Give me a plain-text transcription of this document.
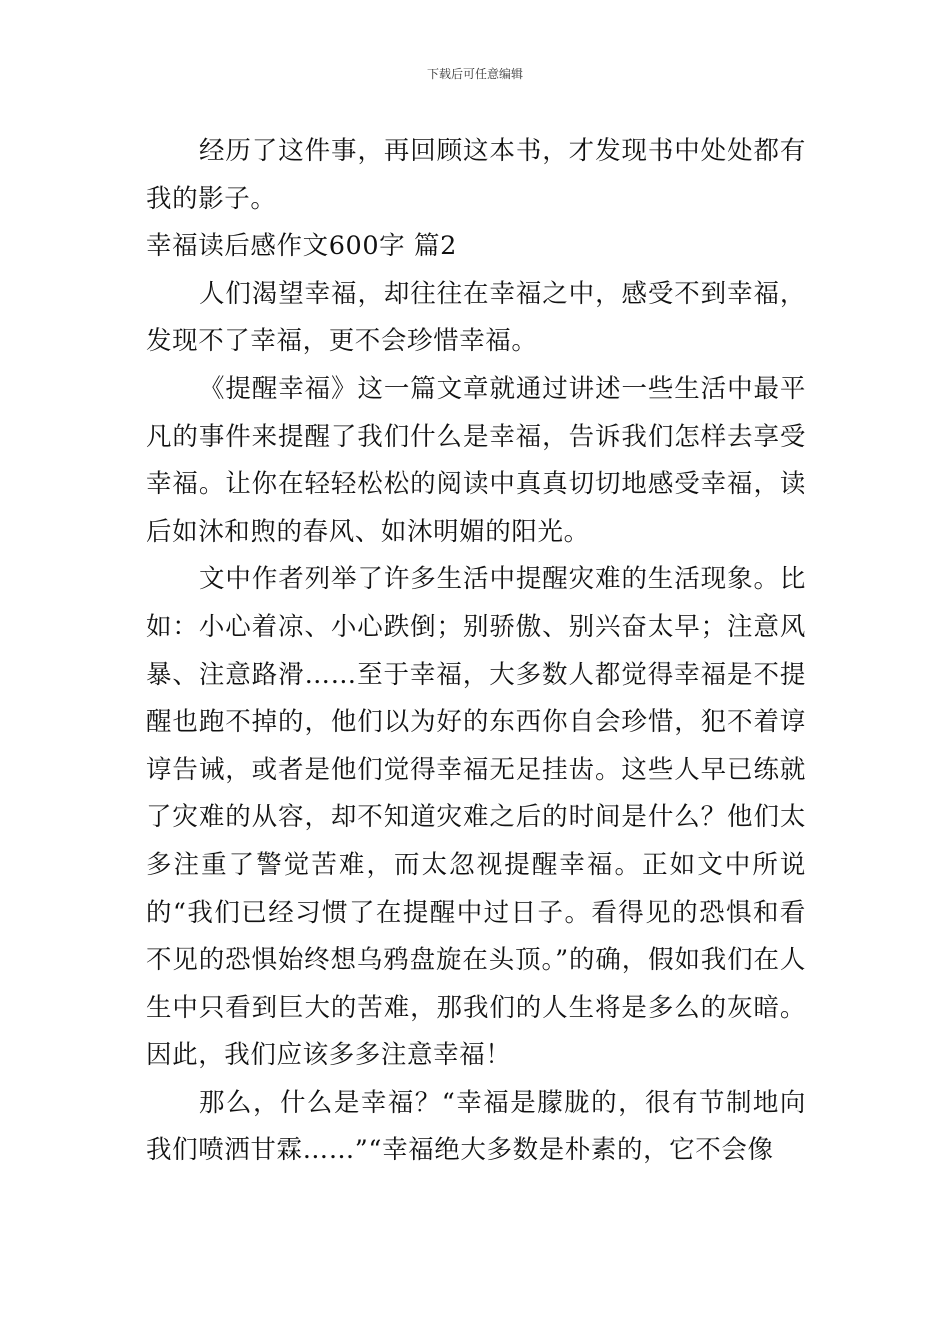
下载后可任意编辑

经历了这件事，再回顾这本书，才发现书中处处都有我的影子。

幸福读后感作文600字 篇2

人们渴望幸福，却往往在幸福之中，感受不到幸福，发现不了幸福，更不会珍惜幸福。

《提醒幸福》这一篇文章就通过讲述一些生活中最平凡的事件来提醒了我们什么是幸福，告诉我们怎样去享受幸福。让你在轻轻松松的阅读中真真切切地感受幸福，读后如沐和煦的春风、如沐明媚的阳光。

文中作者列举了许多生活中提醒灾难的生活现象。比如：小心着凉、小心跌倒；别骄傲、别兴奋太早；注意风暴、注意路滑……至于幸福，大多数人都觉得幸福是不提醒也跑不掉的，他们以为好的东西你自会珍惜，犯不着谆谆告诫，或者是他们觉得幸福无足挂齿。这些人早已练就了灾难的从容，却不知道灾难之后的时间是什么？他们太多注重了警觉苦难，而太忽视提醒幸福。正如文中所说的“我们已经习惯了在提醒中过日子。看得见的恐惧和看不见的恐惧始终想乌鸦盘旋在头顶。”的确，假如我们在人生中只看到巨大的苦难，那我们的人生将是多么的灰暗。因此，我们应该多多注意幸福！

那么，什么是幸福？“幸福是朦胧的，很有节制地向我们喷洒甘霖……”“幸福绝大多数是朴素的，它不会像
